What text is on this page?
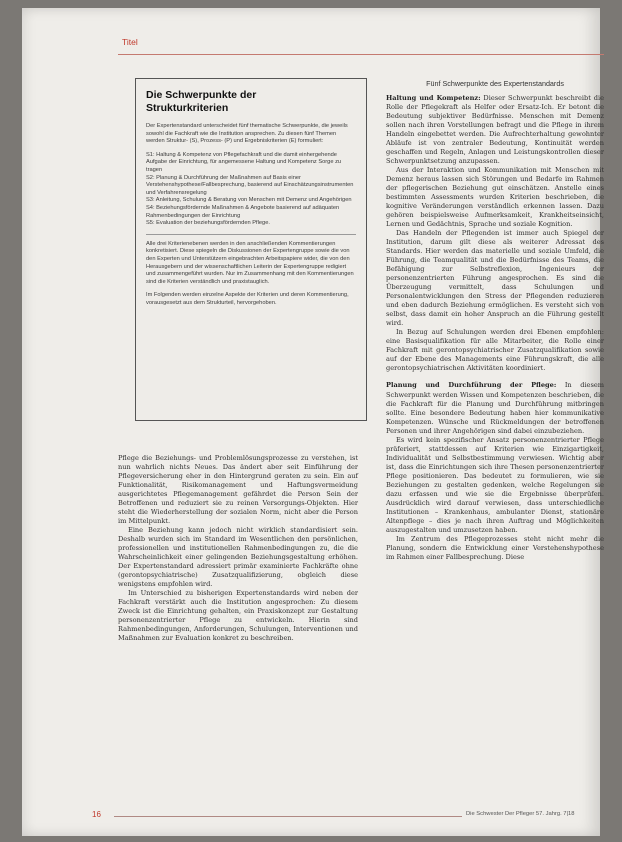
Titel
Die Schwerpunkte der Strukturkriterien

Der Expertenstandard unterscheidet fünf thematische Schwerpunkte, die jeweils sowohl die Fachkraft wie die Institution ansprechen. Zu diesen fünf Themen werden Struktur- (S), Prozess- (P) und Ergebniskriterien (E) formuliert:

S1: Haltung & Kompetenz von Pflegefachkraft und die damit einhergehende Aufgabe der Einrichtung, für angemessene Haltung und Kompetenz Sorge zu tragen
S2: Planung & Durchführung der Maßnahmen auf Basis einer Verstehenshypothese/Fallbesprechung, basierend auf Einschätzungsinstrumenten und Verfahrensregelung
S3: Anleitung, Schulung & Beratung von Menschen mit Demenz und Angehörigen
S4: Beziehungsfördernde Maßnahmen & Angebote basierend auf adäquaten Rahmenbedingungen der Einrichtung
S5: Evaluation der beziehungsfördernden Pflege.

Alle drei Kriterienebenen werden in den anschließenden Kommentierungen konkretisiert. Diese spiegeln die Diskussionen der Expertengruppe sowie die von den Experten und Unterstützern eingebrachten Arbeitspapiere wider, die von den Herausgebern und der wissenschaftlichen Leiterin der Expertengruppe redigiert und zusammengeführt wurden. Nur im Zusammenhang mit den Kommentierungen sind die Kriterien verständlich und praxistauglich.

Im Folgenden werden einzelne Aspekte der Kriterien und deren Kommentierung, vorausgesetzt aus dem Strukturteil, hervorgehoben.

Pflege die Beziehungs- und Problemlösungsprozesse zu verstehen, ist nun wahrlich nichts Neues. Das ändert aber seit Einführung der Pflegeversicherung eher in den Hintergrund geraten zu sein. Ein auf Funktionalität, Risikomanagement und Haftungsvermeidung ausgerichtetes Pflegemanagement gefährdet die Person Sein der Betroffenen und reduziert sie zu reinen Versorgungs-Objekten. Hier steht die Wiederherstellung der sozialen Norm, nicht aber die Person im Mittelpunkt.

Eine Beziehung kann jedoch nicht wirklich standardisiert sein. Deshalb wurden sich im Standard im Wesentlichen den persönlichen, professionellen und institutionellen Rahmenbedingungen zu, die die Wahrscheinlichkeit einer gelingenden Beziehungsgestaltung erhöhen. Der Expertenstandard adressiert primär examinierte Fachkräfte ohne (gerontopsychiatrische) Zusatzqualifizierung, obgleich diese wenigstens empfohlen wird.

Im Unterschied zu bisherigen Expertenstandards wird neben der Fachkraft verstärkt auch die Institution angesprochen: Zu diesem Zweck ist die Einrichtung gehalten, ein Praxiskonzept zur Gestaltung personenzentrierter Pflege zu entwickeln. Hierin sind Rahmenbedingungen, Anforderungen, Schulungen, Interventionen und Maßnahmen zur Evaluation konkret zu beschreiben.

Fünf Schwerpunkte des Expertenstandards

Haltung und Kompetenz: Dieser Schwerpunkt beschreibt die Rolle der Pflegekraft als Helfer oder Ersatz-Ich. Er betont die Bedeutung subjektiver Bedürfnisse. Menschen mit Demenz sollen nach ihren Vorstellungen befragt und die Pflege in ihrem Handeln eingebettet werden. Die Aufrechterhaltung gewohnter Abläufe ist von zentraler Bedeutung, Kontinuität werden geschaffen und Regeln, Anlagen und Leistungskontrollen dieser Schwerpunktsetzung anzupassen.

Aus der Interaktion und Kommunikation mit Menschen mit Demenz heraus lassen sich Störungen und Bedarfe im Rahmen der pflegerischen Beziehung gut einschätzen. Anstelle eines bestimmten Assessments wurden Kriterien beschrieben, die kognitive Veränderungen verständlich erkennen lassen. Dazu gehören beispielsweise Aufmerksamkeit, Krankheitseinsicht, Lernen und Gedächtnis, Sprache und soziale Kognition.

Das Handeln der Pflegenden ist immer auch Spiegel der Institution, darum gilt diese als weiterer Adressat des Standards. Hier werden das materielle und soziale Umfeld, die Führung, die Teamqualität und die Bedürfnisse des Teams, die Befähigung zur Selbstreflexion, Ingenieurs der personenzentrierten Führung angesprochen. Es sind die Überzeugung vermittelt, dass Schulungen und Personalentwicklungen den Stress der Pflegenden reduzieren und eben dadurch Beziehung ermöglichen. Es versteht sich von selbst, dass damit ein hoher Anspruch an die Führung gestellt wird.

In Bezug auf Schulungen werden drei Ebenen empfohlen: eine Basisqualifikation für alle Mitarbeiter, die Rolle einer Fachkraft mit gerontopsychiatrischer Zusatzqualifikation sowie auf der Ebene des Managements eine Führungskraft, die alle gerontopsychiatrischen Aktivitäten koordiniert.

Planung und Durchführung der Pflege: In diesem Schwerpunkt werden Wissen und Kompetenzen beschrieben, die die Fachkraft für die Planung und Durchführung mitbringen sollte. Eine besondere Bedeutung haben hier kommunikative Kompetenzen. Wünsche und Rückmeldungen der betroffenen Personen und ihrer Angehörigen sind dabei einzubeziehen.

Es wird kein spezifischer Ansatz personenzentrierter Pflege präferiert, stattdessen auf Kriterien wie Einzigartigkeit, Individualität und Selbstbestimmung verwiesen. Wichtig aber ist, dass die Einrichtungen sich ihre Thesen personenzentrierter Pflege positionieren. Das bedeutet zu formulieren, wie sie Beziehungen zu gestalten gedenken, welche Regelungen sie dazu erfassen und wie sie die Ergebnisse überprüfen. Ausdrücklich wird darauf verwiesen, dass unterschiedliche Institutionen – Krankenhaus, ambulanter Dienst, stationäre Altenpflege – dies je nach ihren Auftrag und Möglichkeiten auszugestalten und umzusetzen haben.

Im Zentrum des Pflegeprozesses steht nicht mehr die Planung, sondern die Entwicklung einer Verstehenshypothese im Rahmen einer Fallbesprechung. Diese

16	Die Schwester Der Pfleger 57. Jahrg. 7|18
